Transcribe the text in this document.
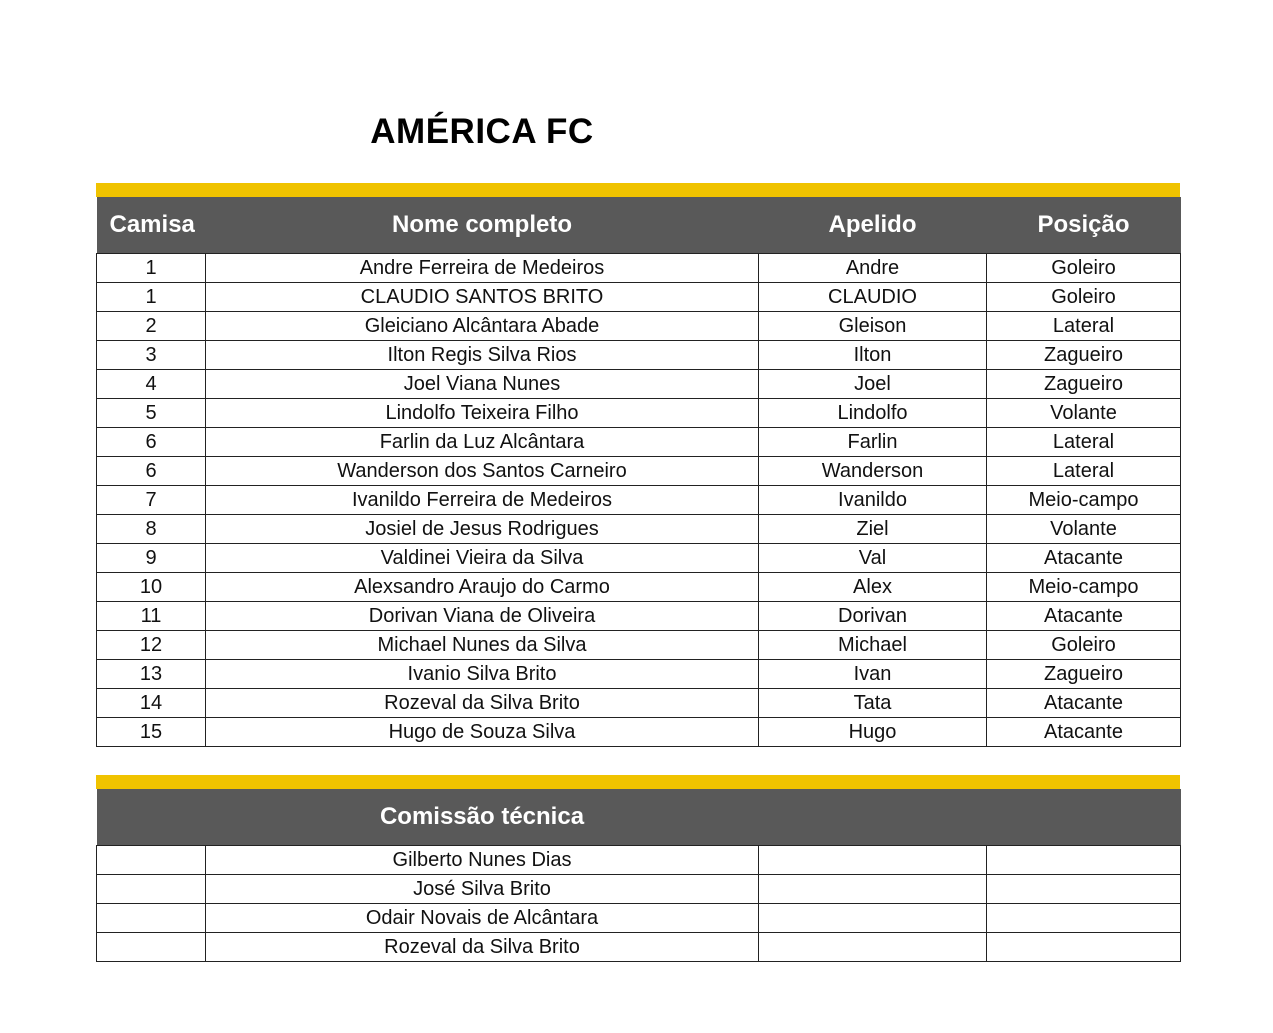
AMÉRICA FC
Camisa	Nome completo	Apelido	Posição
1	Andre Ferreira de Medeiros	Andre	Goleiro
1	CLAUDIO SANTOS BRITO	CLAUDIO	Goleiro
2	Gleiciano Alcântara Abade	Gleison	Lateral
3	Ilton Regis Silva Rios	Ilton	Zagueiro
4	Joel Viana Nunes	Joel	Zagueiro
5	Lindolfo Teixeira Filho	Lindolfo	Volante
6	Farlin da Luz Alcântara	Farlin	Lateral
6	Wanderson dos Santos Carneiro	Wanderson	Lateral
7	Ivanildo Ferreira de Medeiros	Ivanildo	Meio-campo
8	Josiel de Jesus Rodrigues	Ziel	Volante
9	Valdinei Vieira da Silva	Val	Atacante
10	Alexsandro Araujo do Carmo	Alex	Meio-campo
11	Dorivan Viana de Oliveira	Dorivan	Atacante
12	Michael Nunes da Silva	Michael	Goleiro
13	Ivanio Silva Brito	Ivan	Zagueiro
14	Rozeval da Silva Brito	Tata	Atacante
15	Hugo de Souza Silva	Hugo	Atacante
	Comissão técnica		
	Gilberto Nunes Dias		
	José Silva Brito		
	Odair Novais de Alcântara		
	Rozeval da Silva Brito		
